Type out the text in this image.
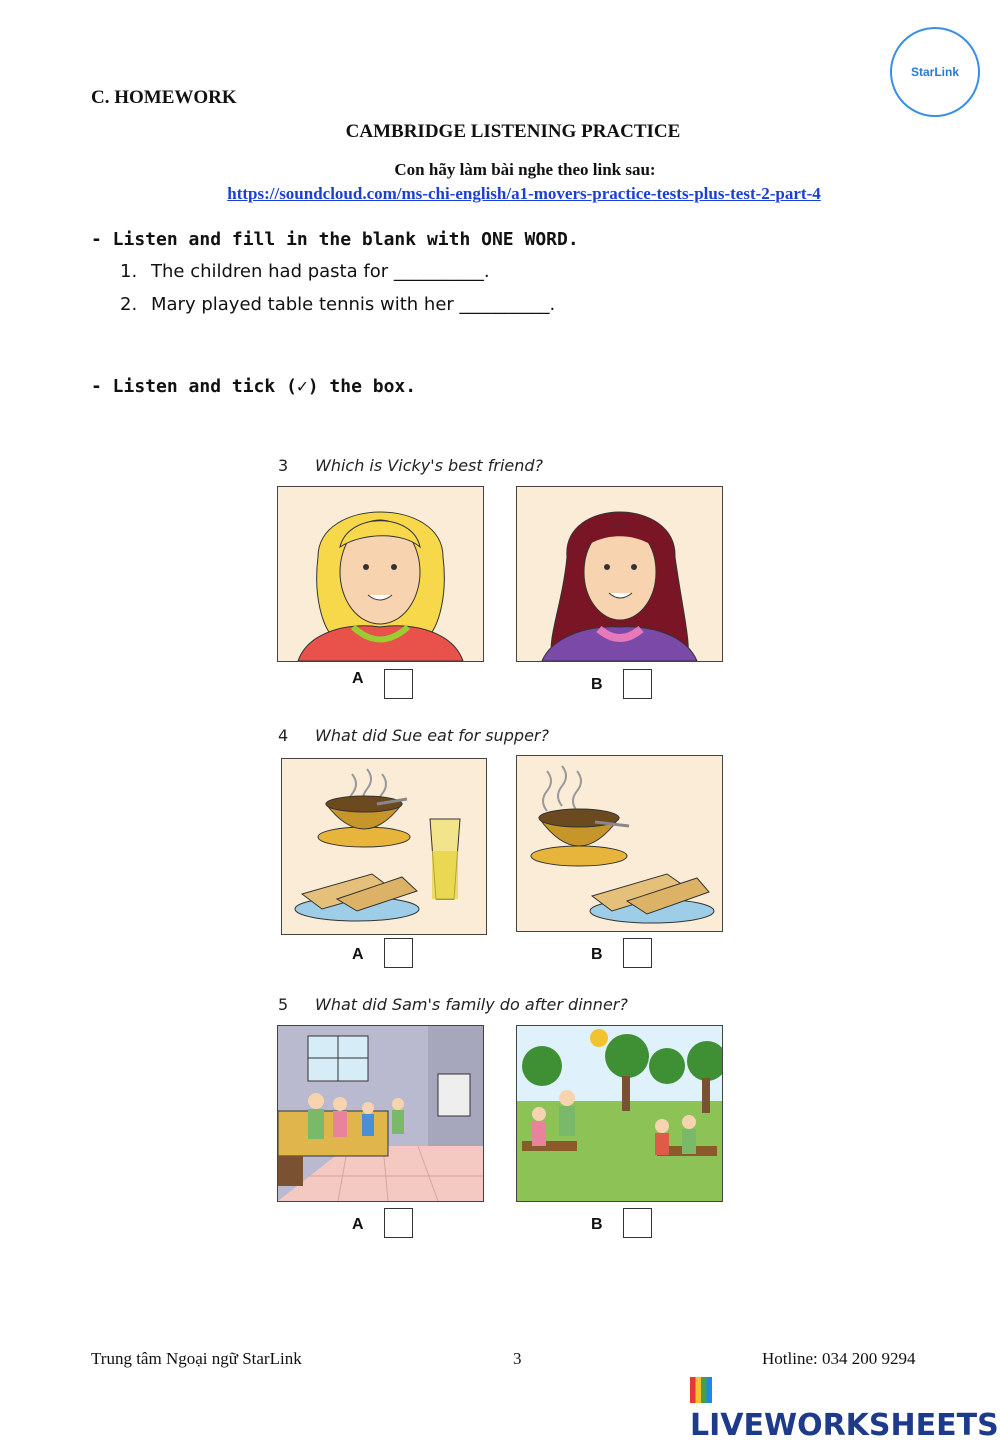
StarLink
C. HOMEWORK
CAMBRIDGE LISTENING PRACTICE
Con hãy làm bài nghe theo link sau:
https://soundcloud.com/ms-chi-english/a1-movers-practice-tests-plus-test-2-part-4
- Listen and fill in the blank with ONE WORD.
1. The children had pasta for __________.
2. Mary played table tennis with her __________.
- Listen and tick (✓) the box.
3 Which is Vicky's best friend?
A	B
4 What did Sue eat for supper?
A	B
5 What did Sam's family do after dinner?
A	B
Trung tâm Ngoại ngữ StarLink	3	Hotline: 034 200 9294
LIVEWORKSHEETS
